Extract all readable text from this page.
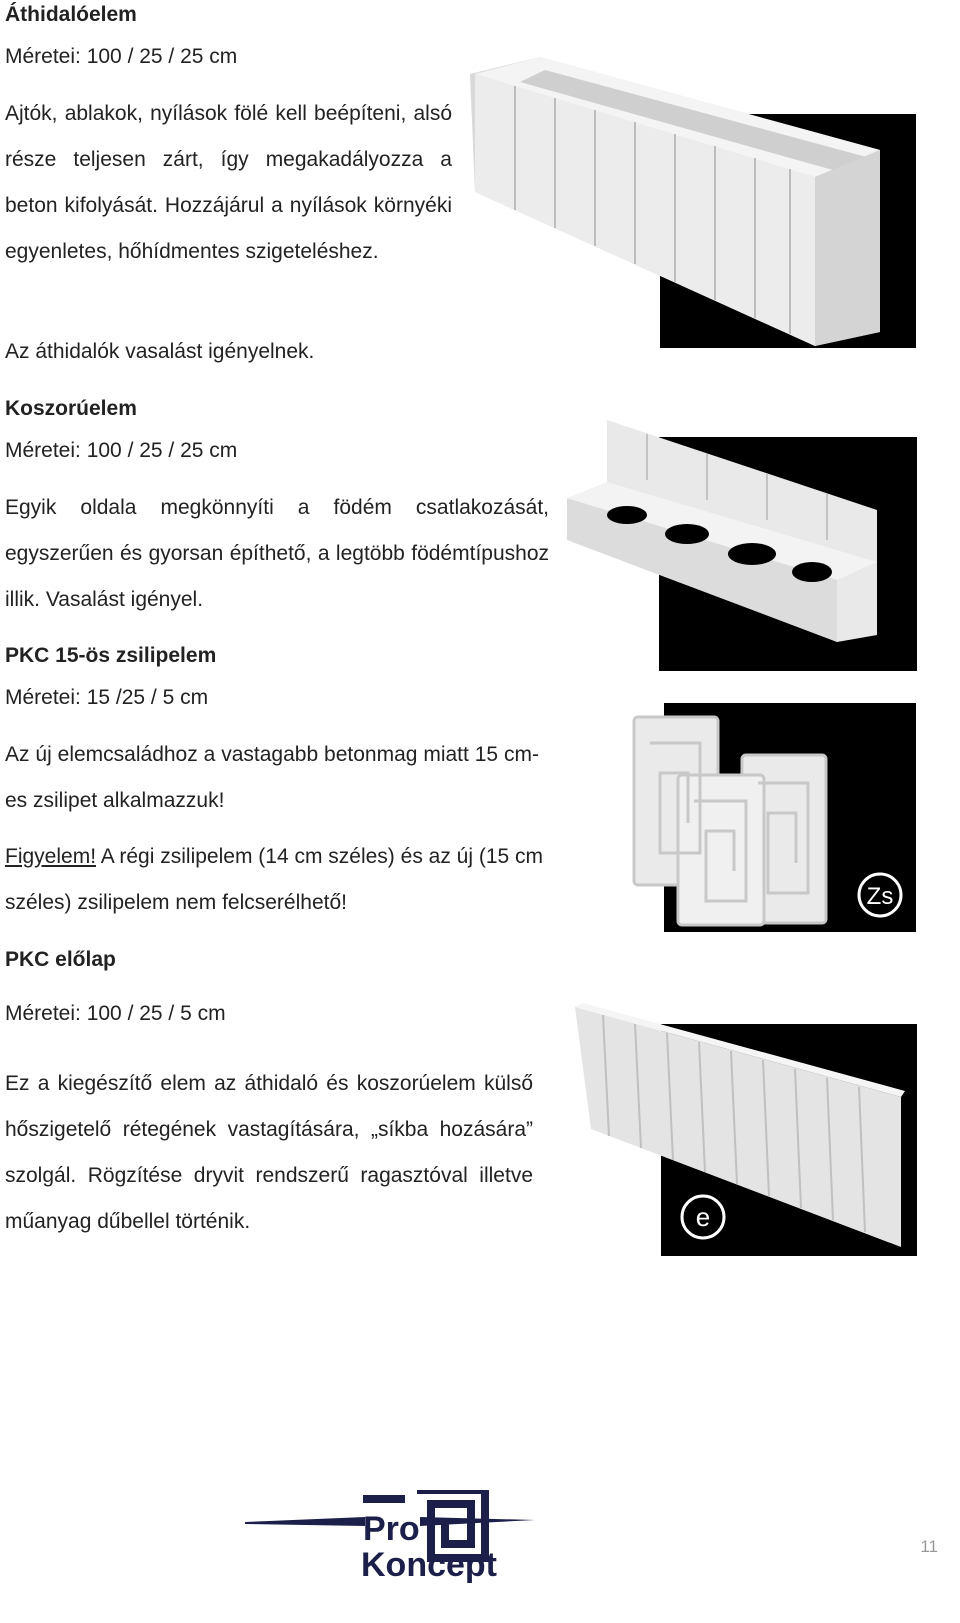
Áthidalóelem

Méretei: 100 / 25 / 25 cm

Ajtók, ablakok, nyílások fölé kell beépíteni, alsó része teljesen zárt, így megakadályozza a beton kifolyását. Hozzájárul a nyílások környéki egyenletes, hőhídmentes szigeteléshez.

Az áthidalók vasalást igényelnek.

Koszorúelem

Méretei: 100 / 25 / 25 cm

Egyik oldala megkönnyíti a födém csatlakozását, egyszerűen és gyorsan építhető, a legtöbb födémtípushoz illik. Vasalást igényel.

PKC 15-ös zsilipelem

Méretei: 15 /25 / 5 cm

Az új elemcsaládhoz a vastagabb betonmag miatt 15 cm-es zsilipet alkalmazzuk!

Figyelem! A régi zsilipelem (14 cm széles) és az új (15 cm széles) zsilipelem nem felcserélhető!	Zs

PKC előlap

Méretei: 100 / 25 / 5 cm

Ez a kiegészítő elem az áthidaló és koszorúelem külső hőszigetelő rétegének vastagítására, „síkba hozására” szolgál. Rögzítése dryvit rendszerű ragasztóval illetve műanyag dűbellel történik.	e
Pro
Koncept	11
